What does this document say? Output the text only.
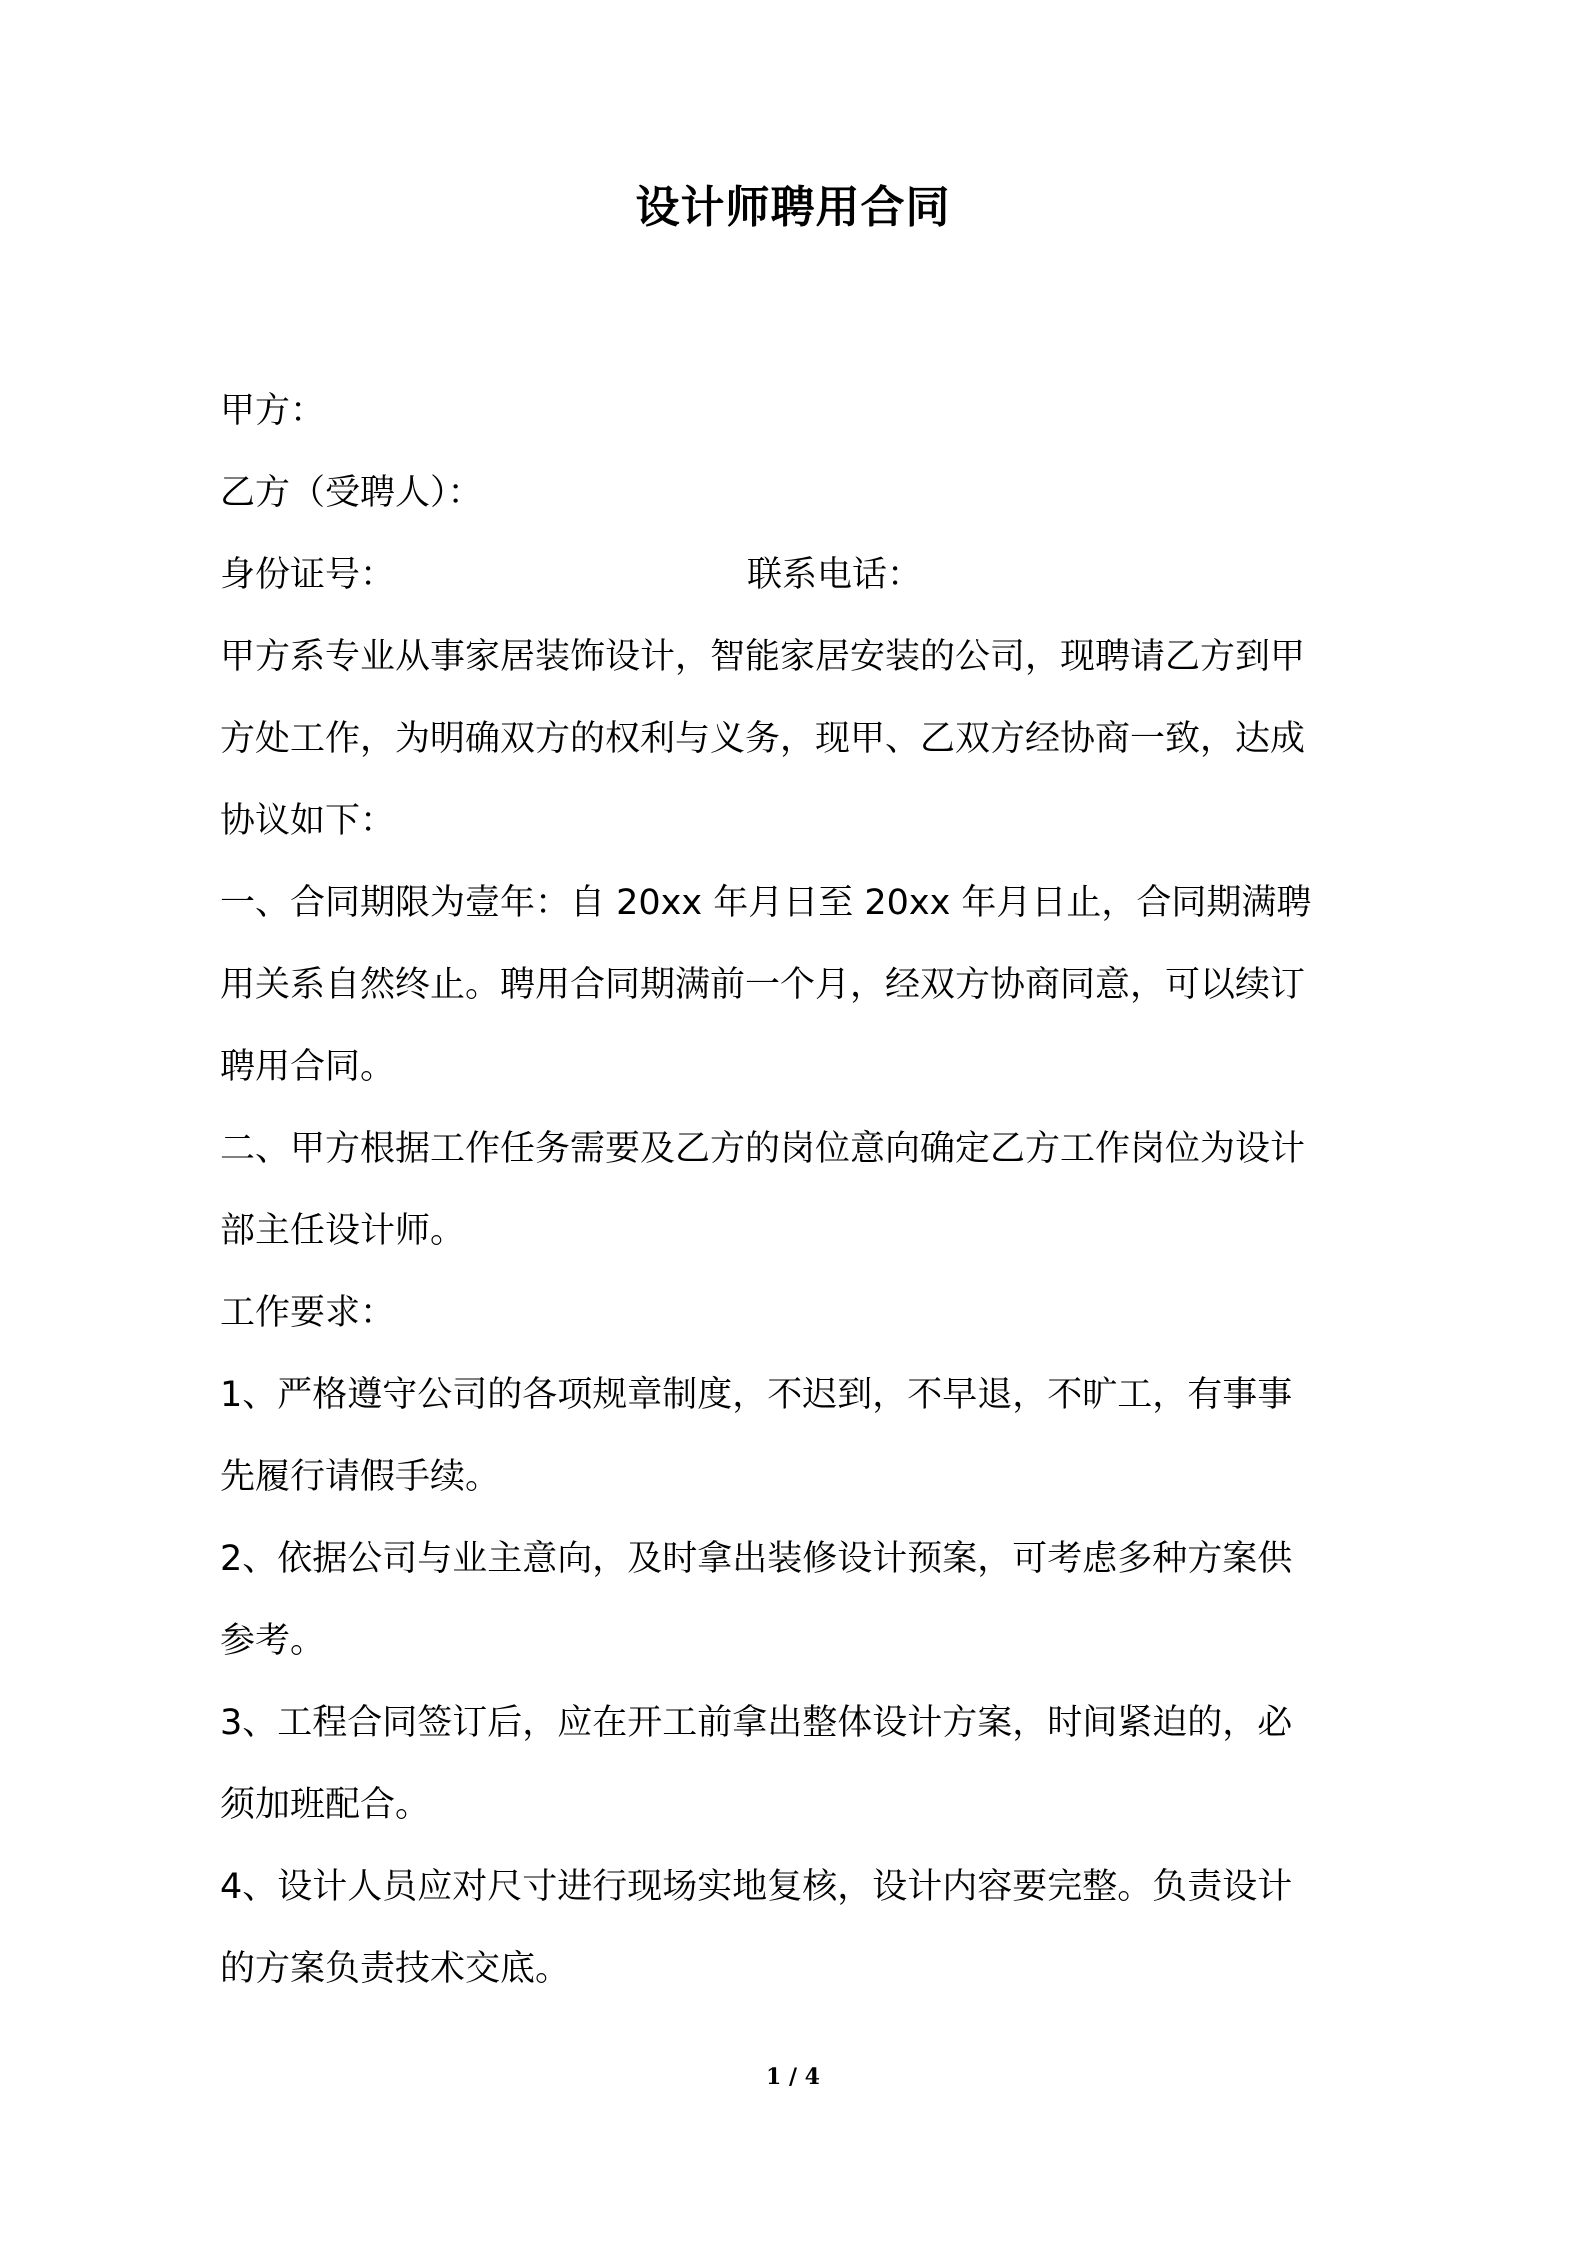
设计师聘用合同
甲方：
乙方（受聘人）：
身份证号：	联系电话：
甲方系专业从事家居装饰设计，智能家居安装的公司，现聘请乙方到甲
方处工作，为明确双方的权利与义务，现甲、乙双方经协商一致，达成
协议如下：
一、合同期限为壹年：自 20xx 年月日至 20xx 年月日止，合同期满聘
用关系自然终止。聘用合同期满前一个月，经双方协商同意，可以续订
聘用合同。
二、甲方根据工作任务需要及乙方的岗位意向确定乙方工作岗位为设计
部主任设计师。
工作要求：
1、严格遵守公司的各项规章制度，不迟到，不早退，不旷工，有事事
先履行请假手续。
2、依据公司与业主意向，及时拿出装修设计预案，可考虑多种方案供
参考。
3、工程合同签订后，应在开工前拿出整体设计方案，时间紧迫的，必
须加班配合。
4、设计人员应对尺寸进行现场实地复核，设计内容要完整。负责设计
的方案负责技术交底。
1 / 4
